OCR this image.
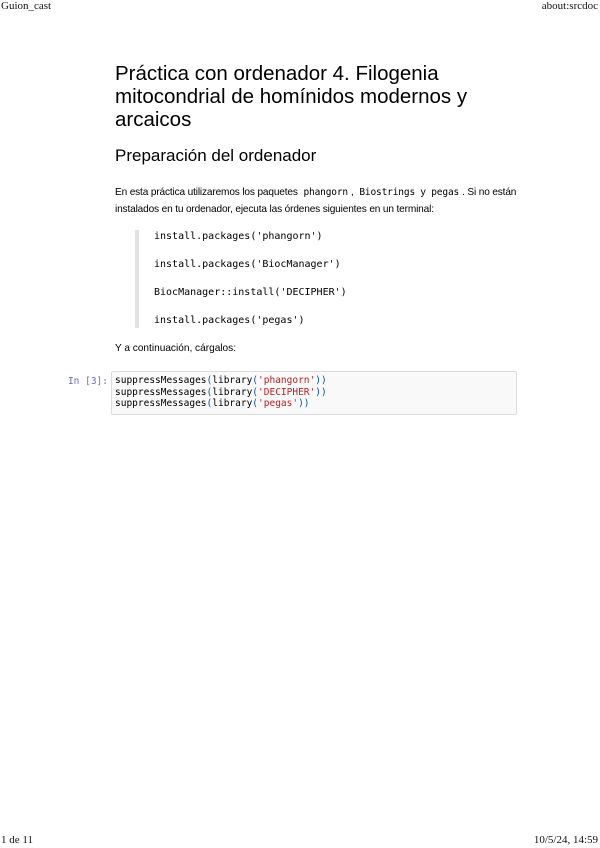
Guion_cast	about:srcdoc
Práctica con ordenador 4. Filogenia mitocondrial de homínidos modernos y arcaicos
Preparación del ordenador

En esta práctica utilizaremos los paquetes phangorn , Biostrings y pegas . Si no están instalados en tu ordenador, ejecuta las órdenes siguientes en un terminal:

install.packages('phangorn')
install.packages('BiocManager')
BiocManager::install('DECIPHER')
install.packages('pegas')

Y a continuación, cárgalos:

In [3]: suppressMessages(library('phangorn'))
suppressMessages(library('DECIPHER'))
suppressMessages(library('pegas'))
1 de 11	10/5/24, 14:59
